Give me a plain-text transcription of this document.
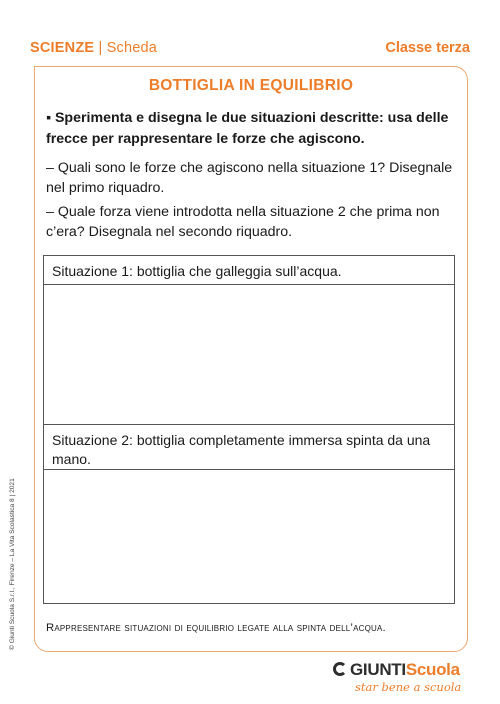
SCIENZE | Scheda	Classe terza
BOTTIGLIA IN EQUILIBRIO
▪ Sperimenta e disegna le due situazioni descritte: usa delle frecce per rappresentare le forze che agiscono.
– Quali sono le forze che agiscono nella situazione 1? Disegnale nel primo riquadro.
– Quale forza viene introdotta nella situazione 2 che prima non c’era? Disegnala nel secondo riquadro.
Situazione 1: bottiglia che galleggia sull’acqua.
Situazione 2: bottiglia completamente immersa spinta da una mano.
Rappresentare situazioni di equilibrio legate alla spinta dell’acqua.
© Giunti Scuola S.r.l., Firenze – La Vita Scolastica 8 | 2021
GIUNTIScuola
star bene a scuola
